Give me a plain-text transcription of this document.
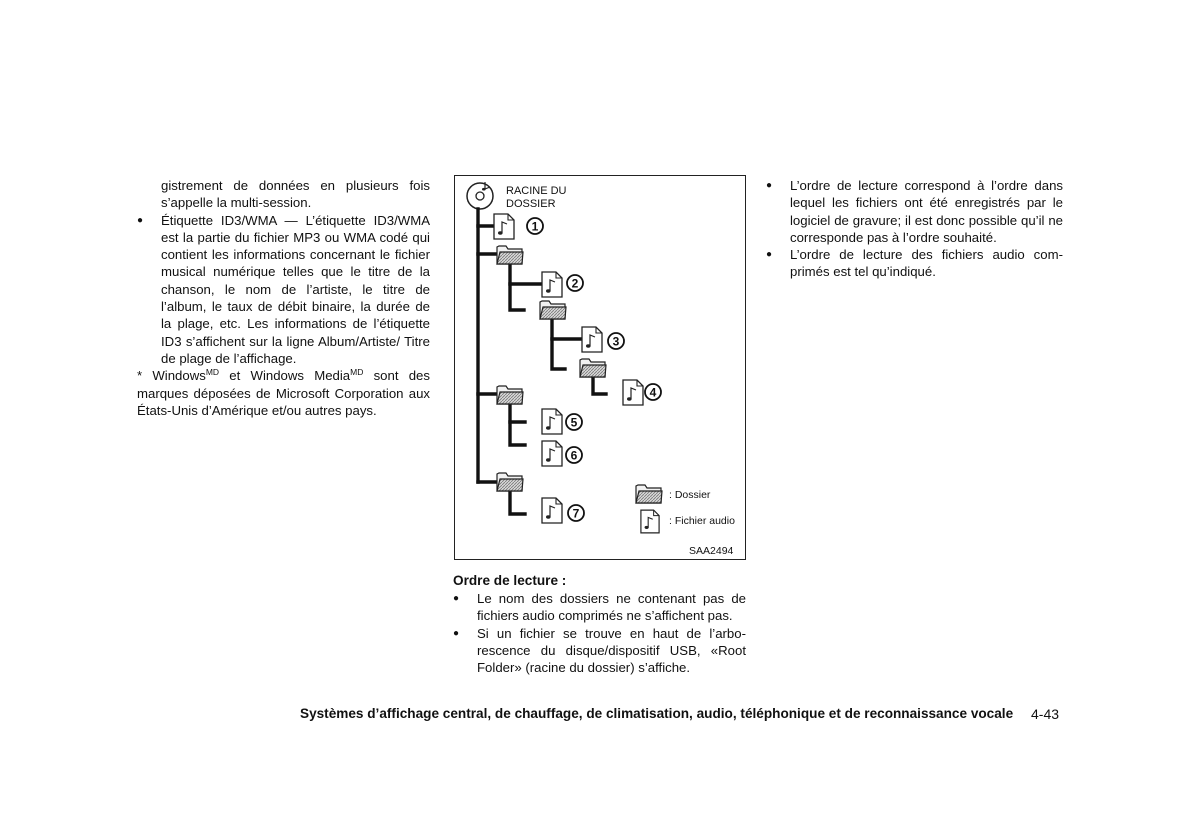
gistrement de données en plusieurs fois s’appelle la multi-session.

●	Étiquette ID3/WMA — L’étiquette ID3/WMA est la partie du fichier MP3 ou WMA codé qui contient les informations concernant le fichier musical numérique telles que le titre de la chanson, le nom de l’artiste, le titre de l’album, le taux de débit binaire, la durée de la plage, etc. Les informations de l’étiquette ID3 s’affichent sur la ligne Album/Artiste/ Titre de plage de l’affichage.

* Windows$^{MD}$ et Windows Media$^{MD}$ sont des marques déposées de Microsoft Corporation aux États-Unis d’Amérique et/ou autres pays.

RACINE DU
DOSSIER
1
2
3
4
5
6
7
: Dossier
: Fichier audio
SAA2494

Ordre de lecture :

●	Le nom des dossiers ne contenant pas de fichiers audio comprimés ne s’affichent pas.

●	Si un fichier se trouve en haut de l’arbo-rescence du disque/dispositif USB, «Root Folder» (racine du dossier) s’affiche.

●	L’ordre de lecture correspond à l’ordre dans lequel les fichiers ont été enregistrés par le logiciel de gravure; il est donc possible qu’il ne corresponde pas à l’ordre souhaité.

●	L’ordre de lecture des fichiers audio com-primés est tel qu’indiqué.

Systèmes d’affichage central, de chauffage, de climatisation, audio, téléphonique et de reconnaissance vocale 4-43
